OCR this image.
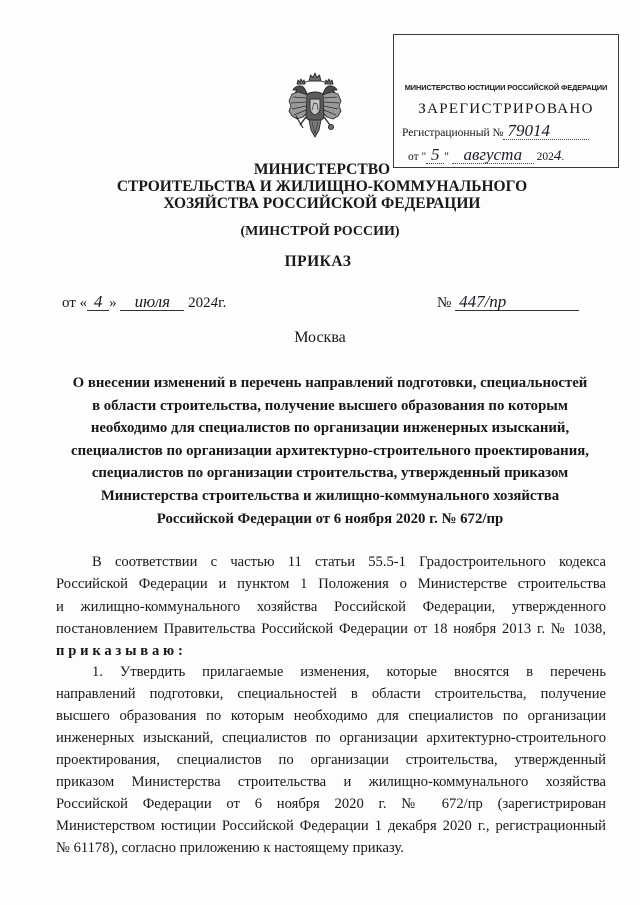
МИНИСТЕРСТВО ЮСТИЦИИ РОССИЙСКОЙ ФЕДЕРАЦИИ
ЗАРЕГИСТРИРОВАНО
Регистрационный № 79014
от " 5 " августа 2024.
МИНИСТЕРСТВО
СТРОИТЕЛЬСТВА И ЖИЛИЩНО-КОММУНАЛЬНОГО
ХОЗЯЙСТВА РОССИЙСКОЙ ФЕДЕРАЦИИ
(МИНСТРОЙ РОССИИ)
ПРИКАЗ
от « 4 » июля 2024г.	№ 447/пр
Москва
О внесении изменений в перечень направлений подготовки, специальностей
в области строительства, получение высшего образования по которым
необходимо для специалистов по организации инженерных изысканий,
специалистов по организации архитектурно-строительного проектирования,
специалистов по организации строительства, утвержденный приказом
Министерства строительства и жилищно-коммунального хозяйства
Российской Федерации от 6 ноября 2020 г. № 672/пр
В соответствии с частью 11 статьи 55.5-1 Градостроительного кодекса
Российской Федерации и пунктом 1 Положения о Министерстве строительства
и жилищно-коммунального хозяйства Российской Федерации, утвержденного
постановлением Правительства Российской Федерации от 18 ноября 2013 г. № 1038,
приказываю:
1. Утвердить прилагаемые изменения, которые вносятся в перечень
направлений подготовки, специальностей в области строительства, получение
высшего образования по которым необходимо для специалистов по организации
инженерных изысканий, специалистов по организации архитектурно-строительного
проектирования, специалистов по организации строительства, утвержденный
приказом Министерства строительства и жилищно-коммунального хозяйства
Российской Федерации от 6 ноября 2020 г. № 672/пр (зарегистрирован
Министерством юстиции Российской Федерации 1 декабря 2020 г., регистрационный
№ 61178), согласно приложению к настоящему приказу.
